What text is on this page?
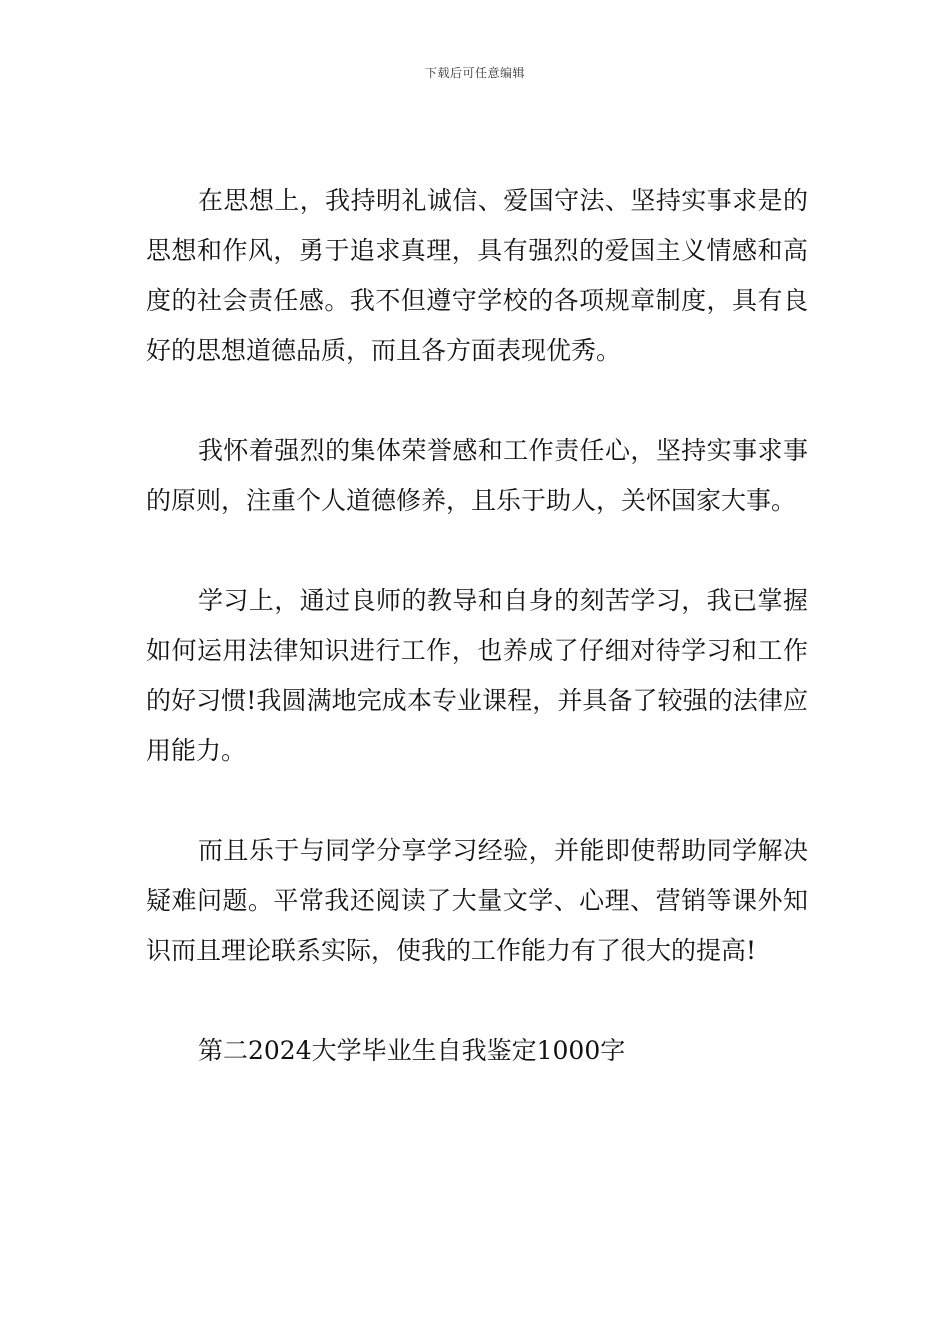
下载后可任意编辑

在思想上，我持明礼诚信、爱国守法、坚持实事求是的思想和作风，勇于追求真理，具有强烈的爱国主义情感和高度的社会责任感。我不但遵守学校的各项规章制度，具有良好的思想道德品质，而且各方面表现优秀。

我怀着强烈的集体荣誉感和工作责任心，坚持实事求事的原则，注重个人道德修养，且乐于助人，关怀国家大事。

学习上，通过良师的教导和自身的刻苦学习，我已掌握如何运用法律知识进行工作，也养成了仔细对待学习和工作的好习惯!我圆满地完成本专业课程，并具备了较强的法律应用能力。

而且乐于与同学分享学习经验，并能即使帮助同学解决疑难问题。平常我还阅读了大量文学、心理、营销等课外知识而且理论联系实际，使我的工作能力有了很大的提高!

第二2024大学毕业生自我鉴定1000字
